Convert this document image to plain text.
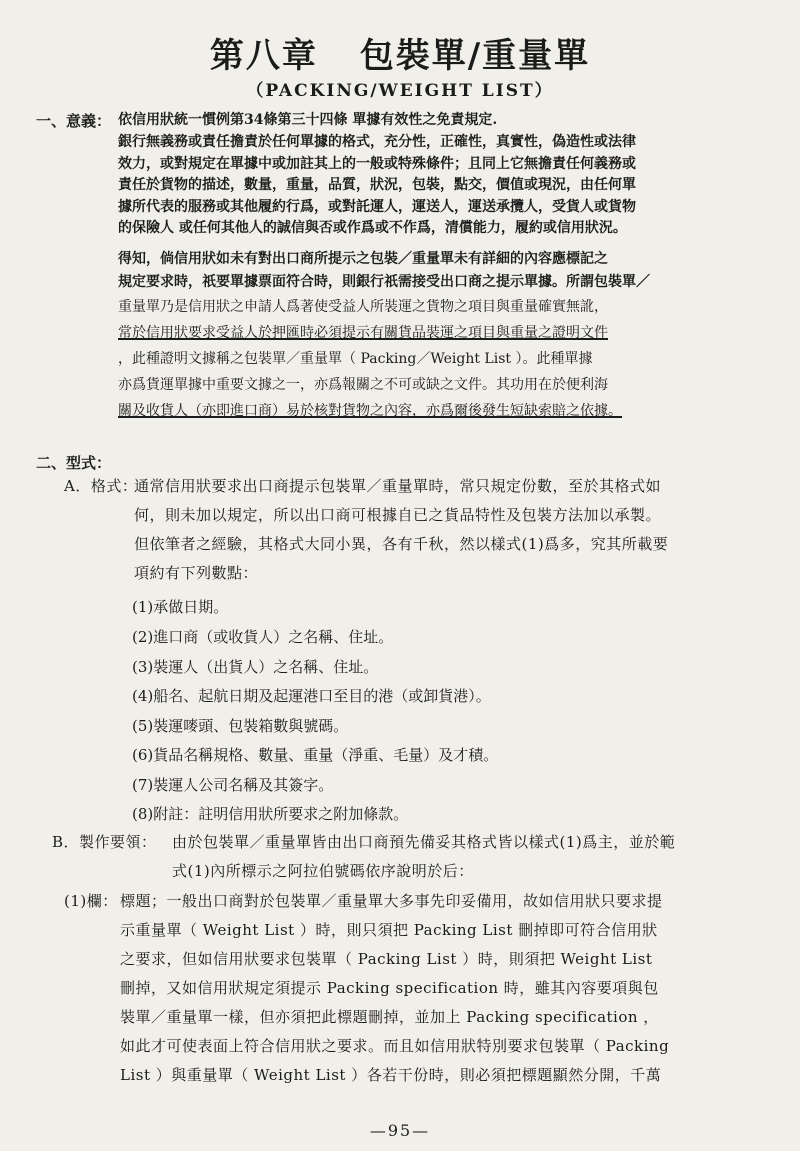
第八章 包裝單/重量單
（PACKING/WEIGHT LIST）
一、意義： 依信用狀統一慣例第34條第三十四條 單據有效性之免責規定.
銀行無義務或責任擔責於任何單據的格式，充分性，正確性，真實性，偽造性或法律
效力，或對規定在單據中或加註其上的一般或特殊條件；且同上它無擔責任何義務或
責任於貨物的描述，數量，重量，品質，狀況，包裝，點交，價值或現況，由任何單
據所代表的服務或其他履約行爲，或對託運人，運送人，運送承攬人，受貨人或貨物
的保險人 或任何其他人的誠信與否或作爲或不作爲，清償能力，履約或信用狀況。
得知，倘信用狀如未有對出口商所提示之包裝／重量單未有詳細的內容應標記之
規定要求時，祇要單據票面符合時，則銀行祇需接受出口商之提示單據。所謂包裝單／
重量單乃是信用狀之申請人爲著使受益人所裝運之貨物之項目與重量確實無訛，
常於信用狀要求受益人於押匯時必須提示有關貨品裝運之項目與重量之證明文件
，此種證明文據稱之包裝單／重量單（ Packing／Weight List ）。此種單據
亦爲貨運單據中重要文據之一，亦爲報關之不可或缺之文件。其功用在於便利海
關及收貨人（亦即進口商）易於核對貨物之內容，亦爲爾後發生短缺索賠之依據。
二、型式：
A．格式：
通常信用狀要求出口商提示包裝單／重量單時，常只規定份數，至於其格式如
何，則未加以規定，所以出口商可根據自已之貨品特性及包裝方法加以承製。
但依筆者之經驗，其格式大同小異，各有千秋，然以樣式(1)爲多，究其所載要
項約有下列數點：
(1)承做日期。
(2)進口商（或收貨人）之名稱、住址。
(3)裝運人（出貨人）之名稱、住址。
(4)船名、起航日期及起運港口至目的港（或卸貨港）。
(5)裝運嘜頭、包裝箱數與號碼。
(6)貨品名稱規格、數量、重量（淨重、毛量）及才積。
(7)裝運人公司名稱及其簽字。
(8)附註：註明信用狀所要求之附加條款。
B．製作要領： 由於包裝單／重量單皆由出口商預先備妥其格式皆以樣式(1)爲主，並於範
式(1)內所標示之阿拉伯號碼依序說明於后：
(1)欄： 標題；一般出口商對於包裝單／重量單大多事先印妥備用，故如信用狀只要求提
示重量單（ Weight List ）時，則只須把 Packing List 刪掉即可符合信用狀
之要求，但如信用狀要求包裝單（ Packing List ）時，則須把 Weight List
刪掉，又如信用狀規定須提示 Packing specification 時，雖其內容要項與包
裝單／重量單一樣，但亦須把此標題刪掉，並加上 Packing specification ，
如此才可使表面上符合信用狀之要求。而且如信用狀特別要求包裝單（ Packing
List ）與重量單（ Weight List ）各若干份時，則必須把標題顯然分開，千萬
—95—
